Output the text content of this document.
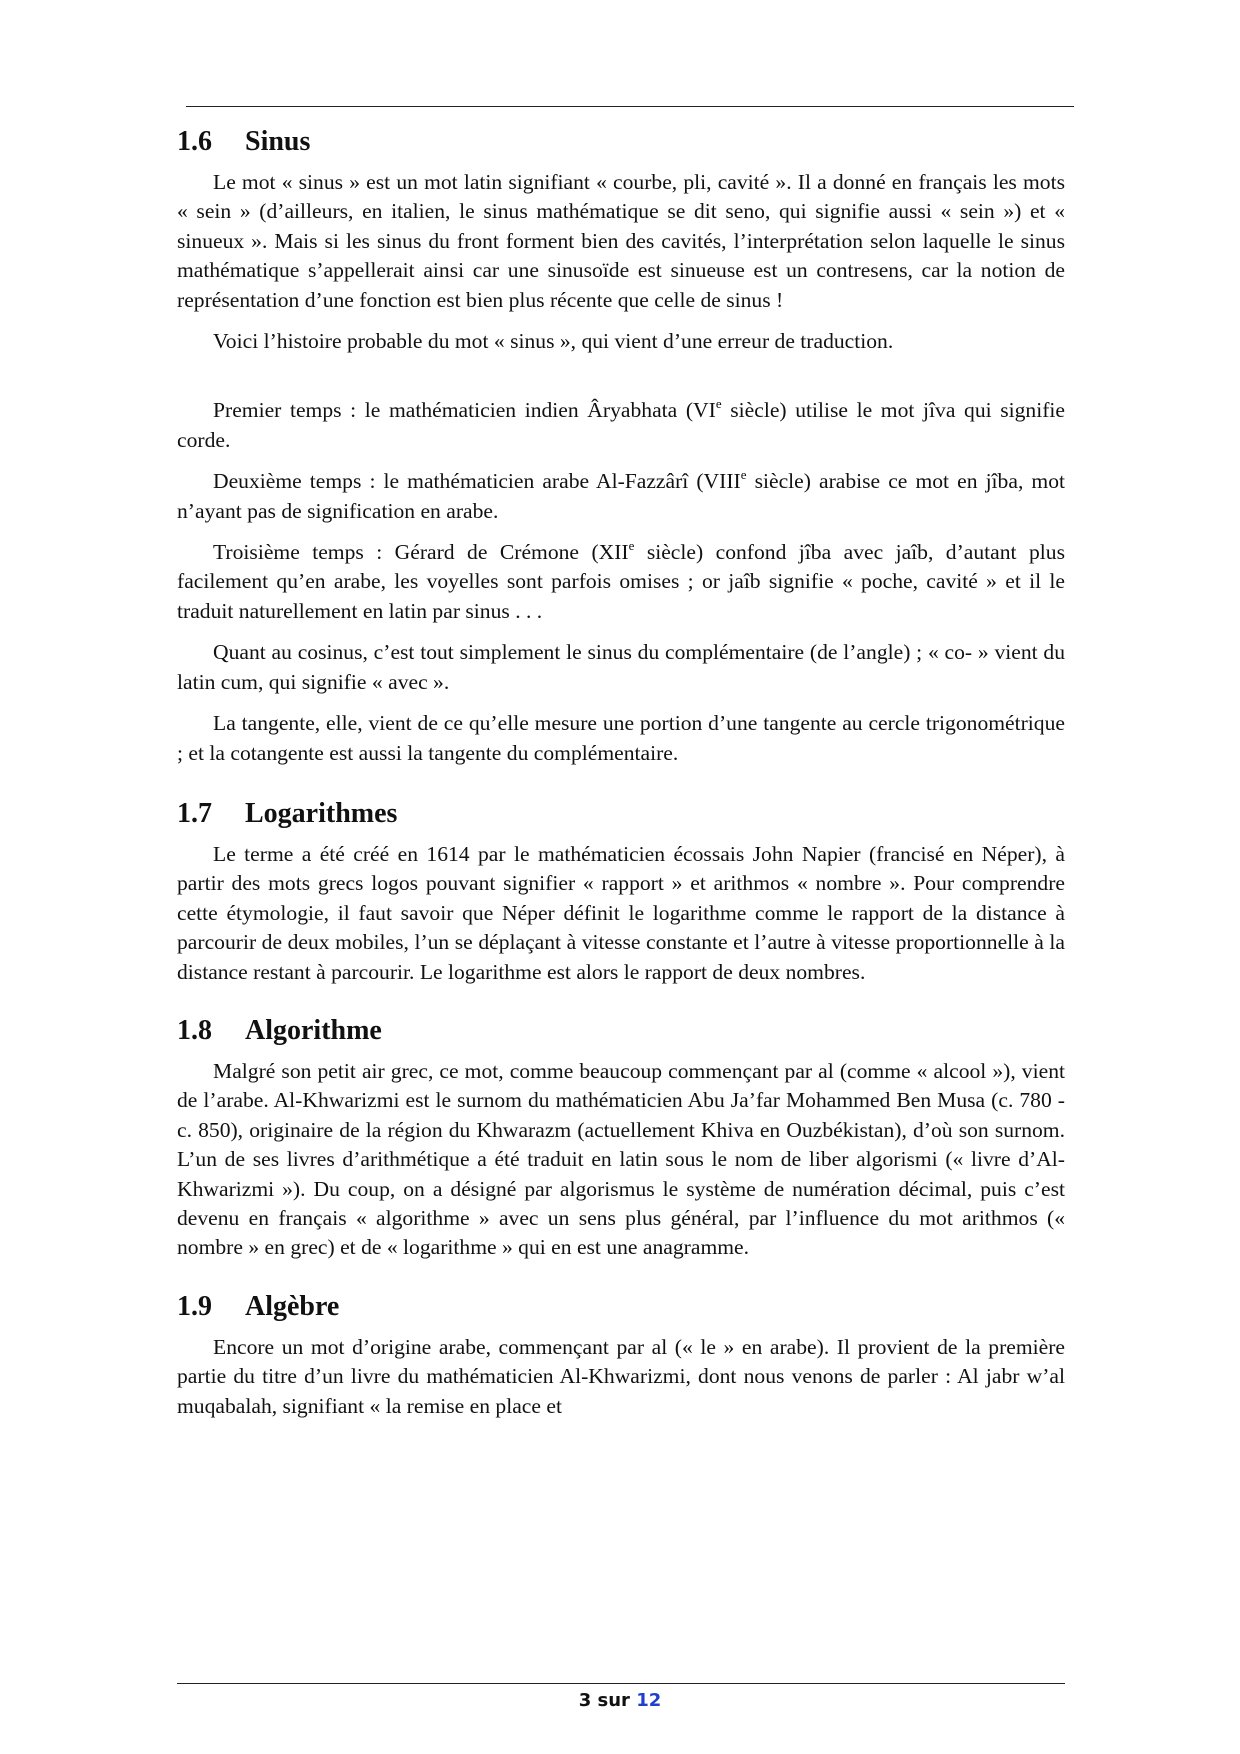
1.6	Sinus

Le mot « sinus » est un mot latin signifiant « courbe, pli, cavité ». Il a donné en français les mots « sein » (d’ailleurs, en italien, le sinus mathématique se dit seno, qui signifie aussi « sein ») et « sinueux ». Mais si les sinus du front forment bien des cavités, l’interprétation selon laquelle le sinus mathématique s’appellerait ainsi car une sinusoïde est sinueuse est un contresens, car la notion de représentation d’une fonction est bien plus récente que celle de sinus !

Voici l’histoire probable du mot « sinus », qui vient d’une erreur de traduction.

Premier temps : le mathématicien indien Âryabhata (VIe siècle) utilise le mot jîva qui signifie corde.

Deuxième temps : le mathématicien arabe Al-Fazzârî (VIIIe siècle) arabise ce mot en jîba, mot n’ayant pas de signification en arabe.

Troisième temps : Gérard de Crémone (XIIe siècle) confond jîba avec jaîb, d’autant plus facilement qu’en arabe, les voyelles sont parfois omises ; or jaîb signifie « poche, cavité » et il le traduit naturellement en latin par sinus . . .

Quant au cosinus, c’est tout simplement le sinus du complémentaire (de l’angle) ; « co- » vient du latin cum, qui signifie « avec ».

La tangente, elle, vient de ce qu’elle mesure une portion d’une tangente au cercle trigonométrique ; et la cotangente est aussi la tangente du complémentaire.

1.7	Logarithmes

Le terme a été créé en 1614 par le mathématicien écossais John Napier (francisé en Néper), à partir des mots grecs logos pouvant signifier « rapport » et arithmos « nombre ». Pour comprendre cette étymologie, il faut savoir que Néper définit le logarithme comme le rapport de la distance à parcourir de deux mobiles, l’un se déplaçant à vitesse constante et l’autre à vitesse proportionnelle à la distance restant à parcourir. Le logarithme est alors le rapport de deux nombres.

1.8	Algorithme

Malgré son petit air grec, ce mot, comme beaucoup commençant par al (comme « alcool »), vient de l’arabe. Al-Khwarizmi est le surnom du mathématicien Abu Ja’far Mohammed Ben Musa (c. 780 - c. 850), originaire de la région du Khwarazm (actuellement Khiva en Ouzbékistan), d’où son surnom. L’un de ses livres d’arithmétique a été traduit en latin sous le nom de liber algorismi (« livre d’Al-Khwarizmi »). Du coup, on a désigné par algorismus le système de numération décimal, puis c’est devenu en français « algorithme » avec un sens plus général, par l’influence du mot arithmos (« nombre » en grec) et de « logarithme » qui en est une anagramme.

1.9	Algèbre

Encore un mot d’origine arabe, commençant par al (« le » en arabe). Il provient de la première partie du titre d’un livre du mathématicien Al-Khwarizmi, dont nous venons de parler : Al jabr w’al muqabalah, signifiant « la remise en place et

3 sur 12
